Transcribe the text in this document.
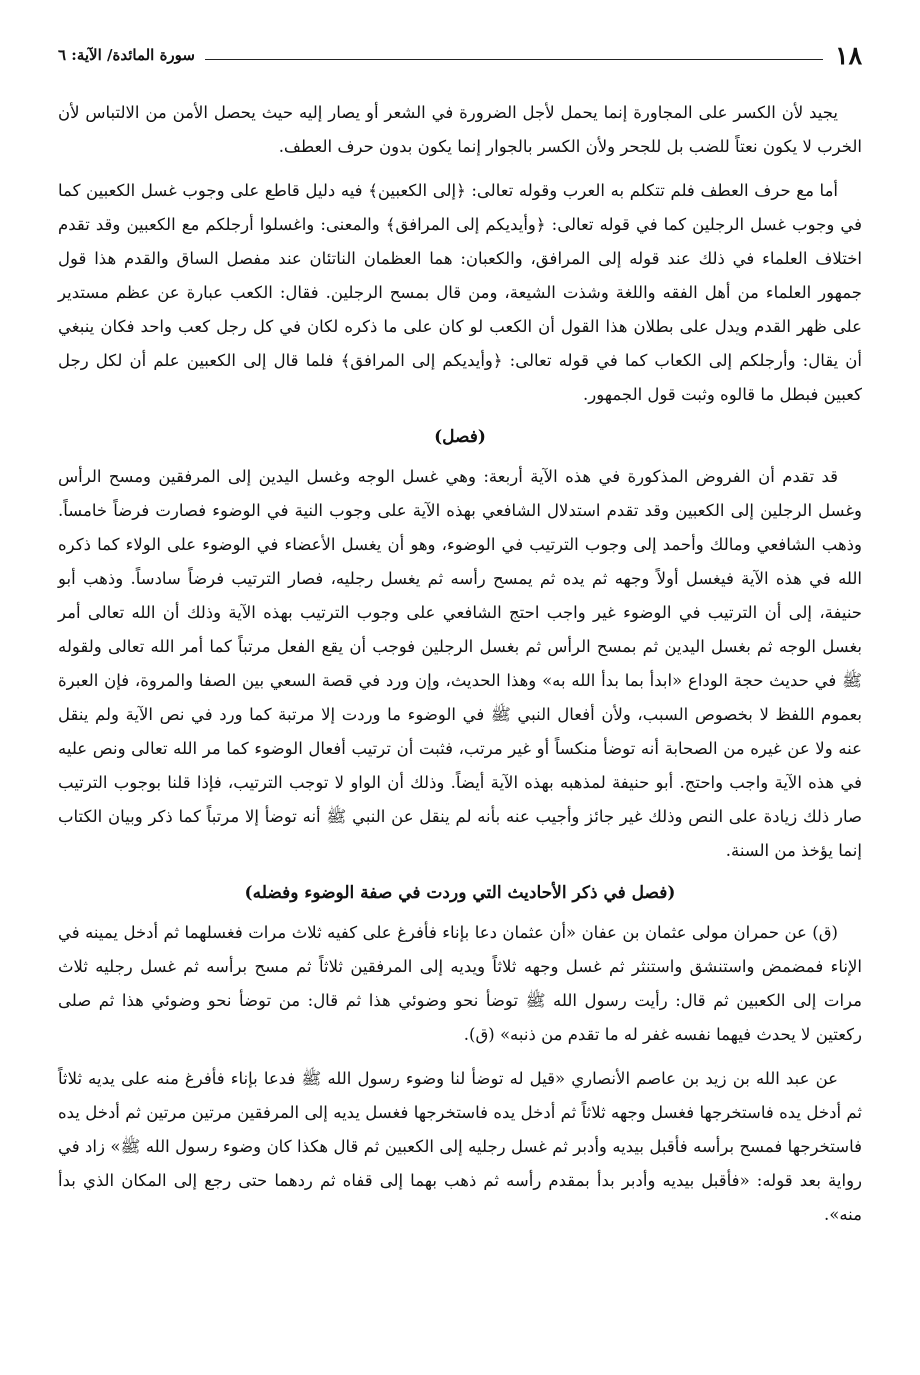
١٨
سورة المائدة/ الآية: ٦

يجيد لأن الكسر على المجاورة إنما يحمل لأجل الضرورة في الشعر أو يصار إليه حيث يحصل الأمن من الالتباس لأن الخرب لا يكون نعتاً للضب بل للجحر ولأن الكسر بالجوار إنما يكون بدون حرف العطف.

أما مع حرف العطف فلم تتكلم به العرب وقوله تعالى: ﴿إلى الكعبين﴾ فيه دليل قاطع على وجوب غسل الكعبين كما في وجوب غسل الرجلين كما في قوله تعالى: ﴿وأيديكم إلى المرافق﴾ والمعنى: واغسلوا أرجلكم مع الكعبين وقد تقدم اختلاف العلماء في ذلك عند قوله إلى المرافق، والكعبان: هما العظمان الناتئان عند مفصل الساق والقدم هذا قول جمهور العلماء من أهل الفقه واللغة وشذت الشيعة، ومن قال بمسح الرجلين. فقال: الكعب عبارة عن عظم مستدير على ظهر القدم ويدل على بطلان هذا القول أن الكعب لو كان على ما ذكره لكان في كل رجل كعب واحد فكان ينبغي أن يقال: وأرجلكم إلى الكعاب كما في قوله تعالى: ﴿وأيديكم إلى المرافق﴾ فلما قال إلى الكعبين علم أن لكل رجل كعبين فبطل ما قالوه وثبت قول الجمهور.

(فصل)

قد تقدم أن الفروض المذكورة في هذه الآية أربعة: وهي غسل الوجه وغسل اليدين إلى المرفقين ومسح الرأس وغسل الرجلين إلى الكعبين وقد تقدم استدلال الشافعي بهذه الآية على وجوب النية في الوضوء فصارت فرضاً خامساً. وذهب الشافعي ومالك وأحمد إلى وجوب الترتيب في الوضوء، وهو أن يغسل الأعضاء في الوضوء على الولاء كما ذكره الله في هذه الآية فيغسل أولاً وجهه ثم يده ثم يمسح رأسه ثم يغسل رجليه، فصار الترتيب فرضاً سادساً. وذهب أبو حنيفة، إلى أن الترتيب في الوضوء غير واجب احتج الشافعي على وجوب الترتيب بهذه الآية وذلك أن الله تعالى أمر بغسل الوجه ثم بغسل اليدين ثم بمسح الرأس ثم بغسل الرجلين فوجب أن يقع الفعل مرتباً كما أمر الله تعالى ولقوله ﷺ في حديث حجة الوداع «ابدأ بما بدأ الله به» وهذا الحديث، وإن ورد في قصة السعي بين الصفا والمروة، فإن العبرة بعموم اللفظ لا بخصوص السبب، ولأن أفعال النبي ﷺ في الوضوء ما وردت إلا مرتبة كما ورد في نص الآية ولم ينقل عنه ولا عن غيره من الصحابة أنه توضأ منكساً أو غير مرتب، فثبت أن ترتيب أفعال الوضوء كما مر الله تعالى ونص عليه في هذه الآية واجب واحتج. أبو حنيفة لمذهبه بهذه الآية أيضاً. وذلك أن الواو لا توجب الترتيب، فإذا قلنا بوجوب الترتيب صار ذلك زيادة على النص وذلك غير جائز وأجيب عنه بأنه لم ينقل عن النبي ﷺ أنه توضأ إلا مرتباً كما ذكر وبيان الكتاب إنما يؤخذ من السنة.

(فصل في ذكر الأحاديث التي وردت في صفة الوضوء وفضله)

(ق) عن حمران مولى عثمان بن عفان «أن عثمان دعا بإناء فأفرغ على كفيه ثلاث مرات فغسلهما ثم أدخل يمينه في الإناء فمضمض واستنشق واستنثر ثم غسل وجهه ثلاثاً ويديه إلى المرفقين ثلاثاً ثم مسح برأسه ثم غسل رجليه ثلاث مرات إلى الكعبين ثم قال: رأيت رسول الله ﷺ توضأ نحو وضوئي هذا ثم قال: من توضأ نحو وضوئي هذا ثم صلى ركعتين لا يحدث فيهما نفسه غفر له ما تقدم من ذنبه» (ق).

عن عبد الله بن زيد بن عاصم الأنصاري «قيل له توضأ لنا وضوء رسول الله ﷺ فدعا بإناء فأفرغ منه على يديه ثلاثاً ثم أدخل يده فاستخرجها فغسل وجهه ثلاثاً ثم أدخل يده فاستخرجها فغسل يديه إلى المرفقين مرتين مرتين ثم أدخل يده فاستخرجها فمسح برأسه فأقبل بيديه وأدبر ثم غسل رجليه إلى الكعبين ثم قال هكذا كان وضوء رسول الله ﷺ» زاد في رواية بعد قوله: «فأقبل بيديه وأدبر بدأ بمقدم رأسه ثم ذهب بهما إلى قفاه ثم ردهما حتى رجع إلى المكان الذي بدأ منه».
